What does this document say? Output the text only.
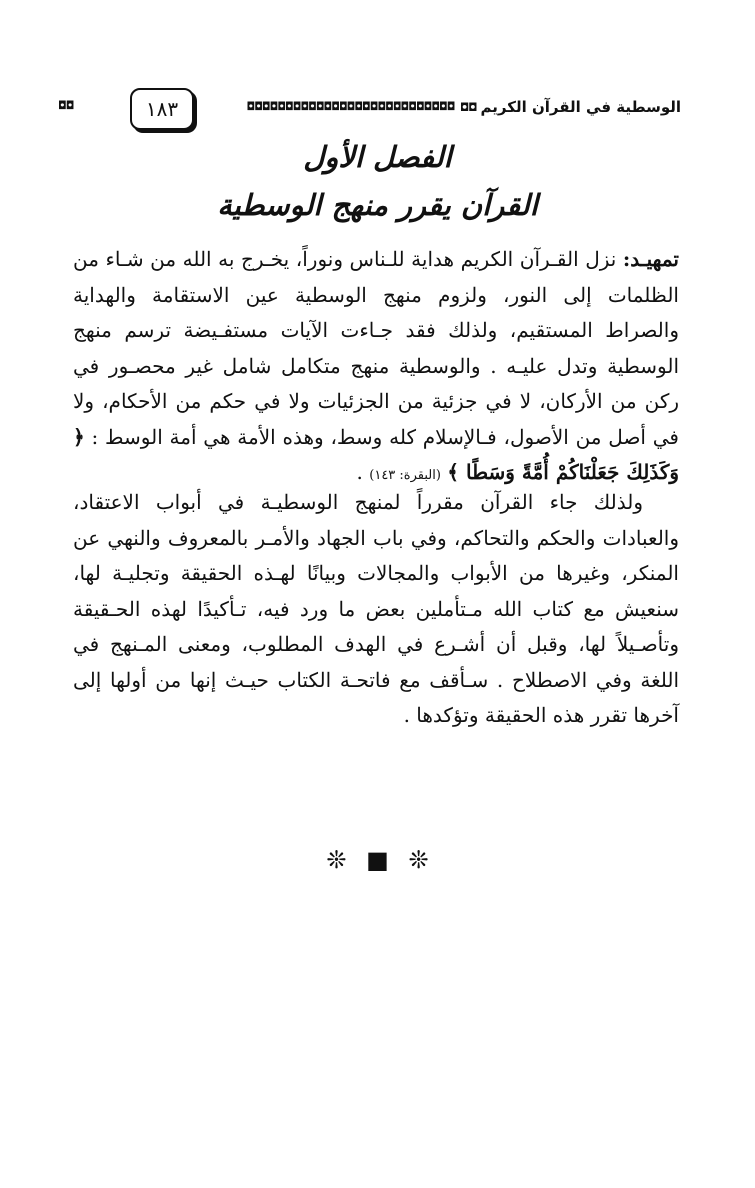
الوسطية في القرآن الكريم
◘◘
◘◘◘◘◘◘◘◘◘◘◘◘◘◘◘◘◘◘◘◘◘◘◘◘◘◘◘
١٨٣
◘◘
الفصل الأول
القرآن يقرر منهج الوسطية
تمهيـد: نزل القـرآن الكريم هداية للـناس ونوراً، يخـرج به الله من شـاء من الظلمات إلى النور، ولزوم منهج الوسطية عين الاستقامة والهداية والصراط المستقيم، ولذلك فقد جـاءت الآيات مستفـيضة ترسم منهج الوسطية وتدل عليـه . والوسطية منهج متكامل شامل غير محصـور في ركن من الأركان، لا في جزئية من الجزئيات ولا في حكم من الأحكام، ولا في أصل من الأصول، فـالإسلام كله وسط، وهذه الأمة هي أمة الوسط : ﴿ وَكَذَلِكَ جَعَلْنَاكُمْ أُمَّةً وَسَطًا ﴾ (البقرة: ١٤٣) .
ولذلك جاء القرآن مقرراً لمنهج الوسطيـة في أبواب الاعتقاد، والعبادات والحكم والتحاكم، وفي باب الجهاد والأمـر بالمعروف والنهي عن المنكر، وغيرها من الأبواب والمجالات وبيانًا لهـذه الحقيقة وتجليـة لها، سنعيش مع كتاب الله مـتأملين بعض ما ورد فيه، تـأكيدًا لهذه الحـقيقة وتأصـيلاً لها، وقبل أن أشـرع في الهدف المطلوب، ومعنى المـنهج في اللغة وفي الاصطلاح . سـأقف مع فاتحـة الكتاب حيـث إنها من أولها إلى آخرها تقرر هذه الحقيقة وتؤكدها .
❊ ■ ❊
